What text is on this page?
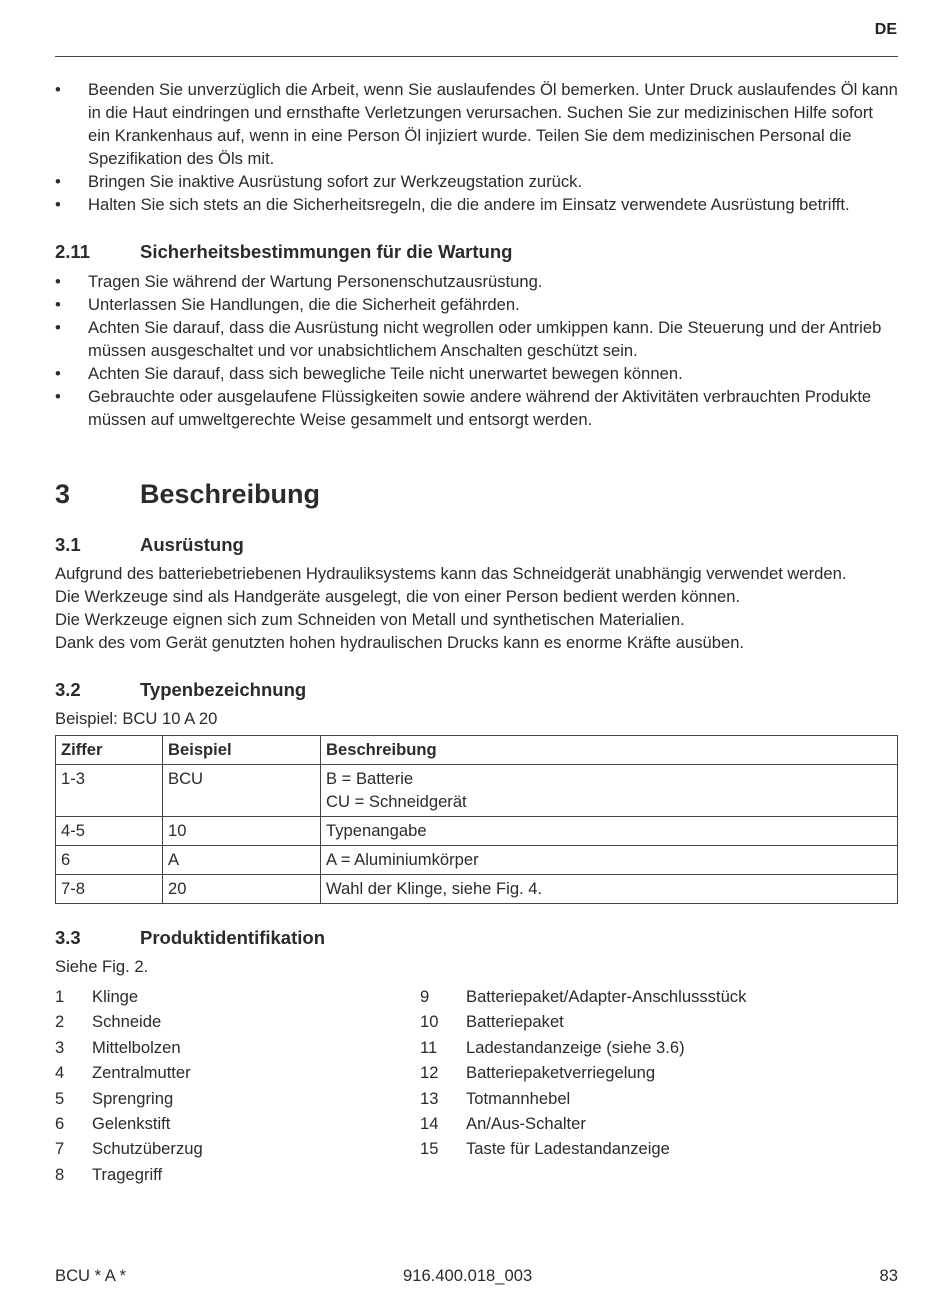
DE
• Beenden Sie unverzüglich die Arbeit, wenn Sie auslaufendes Öl bemerken. Unter Druck auslaufendes Öl kann in die Haut eindringen und ernsthafte Verletzungen verursachen. Suchen Sie zur medizinischen Hilfe sofort ein Krankenhaus auf, wenn in eine Person Öl injiziert wurde. Teilen Sie dem medizinischen Personal die Spezifikation des Öls mit.
• Bringen Sie inaktive Ausrüstung sofort zur Werkzeugstation zurück.
• Halten Sie sich stets an die Sicherheitsregeln, die die andere im Einsatz verwendete Ausrüstung betrifft.
2.11	Sicherheitsbestimmungen für die Wartung
• Tragen Sie während der Wartung Personenschutzausrüstung.
• Unterlassen Sie Handlungen, die die Sicherheit gefährden.
• Achten Sie darauf, dass die Ausrüstung nicht wegrollen oder umkippen kann. Die Steuerung und der Antrieb müssen ausgeschaltet und vor unabsichtlichem Anschalten geschützt sein.
• Achten Sie darauf, dass sich bewegliche Teile nicht unerwartet bewegen können.
• Gebrauchte oder ausgelaufene Flüssigkeiten sowie andere während der Aktivitäten verbrauchten Produkte müssen auf umweltgerechte Weise gesammelt und entsorgt werden.
3	Beschreibung
3.1	Ausrüstung
Aufgrund des batteriebetriebenen Hydrauliksystems kann das Schneidgerät unabhängig verwendet werden.
Die Werkzeuge sind als Handgeräte ausgelegt, die von einer Person bedient werden können.
Die Werkzeuge eignen sich zum Schneiden von Metall und synthetischen Materialien.
Dank des vom Gerät genutzten hohen hydraulischen Drucks kann es enorme Kräfte ausüben.
3.2	Typenbezeichnung
Beispiel: BCU 10 A 20
Ziffer	Beispiel	Beschreibung
1-3	BCU	B = Batterie
CU = Schneidgerät

4-5	10	Typenangabe
6	A	A = Aluminiumkörper
7-8	20	Wahl der Klinge, siehe Fig. 4.
3.3	Produktidentifikation
Siehe Fig. 2.
1	Klinge
2	Schneide
3	Mittelbolzen
4	Zentralmutter
5	Sprengring
6	Gelenkstift
7	Schutzüberzug
8	Tragegriff
9	Batteriepaket/Adapter-Anschlussstück
10	Batteriepaket
11	Ladestandanzeige (siehe 3.6)
12	Batteriepaketverriegelung
13	Totmannhebel
14	An/Aus-Schalter
15	Taste für Ladestandanzeige
BCU * A *	916.400.018_003	83
